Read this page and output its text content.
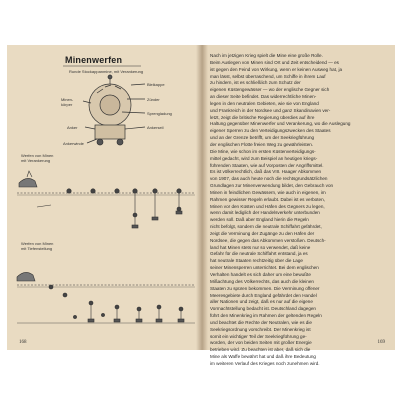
Minenwerfen
Runde Stockappanmine, mit Verankerung
Bleikappe
Zünder
Sprengladung
Ankerseil
Anker
Minen-körper
Ankerwinde
Werfen von Minen
mit Verankerung
Werfen von Minen
mit Tiefenstellung
168
Nach im jetzigen Krieg spielt die Mine eine große Rolle.
Beim Auslegen von Minen sind Ort und Zeit entscheidend — es
ist gegen den Feind von Wirkung, wenn er keinen Ausweg hat, ja
man lässt, selbst überraschend, um Schiffe in ihrem Lauf
zu hindern, ist es schließlich zum Schutz der
eigenen Küstengewässer — wo der englische Gegner sich
an dieser Seite befindet. Das widerrechtliche Minen-
legen in den neutralen Gebieten, wie sie von England
und Frankreich in der Nordsee und ganz Skandinavien ver-
letzt, zeigt die britische Regierung überdies auf ihre
Haltung gegenüber Minenwerfer und Verankerung, wo die Auslegung
eigener Sperren zu den Verteidigungszwecken des Staates
und an der Grenze betrifft, um der Seekriegführung
der englischen Flotte freien Weg zu gewährleisten.
Die Mine, wie schon im ersten Küstenverteidigungs-
mittel gedacht, wird zum Beispiel an heutigen kriegs-
führenden Staaten, wie auf Vorposten der Angriffsmittel.
Es ist völkerrechtlich, daß das VIII. Haager Abkommen
von 1907, das auch heute noch die rechtsgrundsätzlichen
Grundlagen zur Minenverwendung bildet, den Gebrauch von
Minen in feindlichen Gewässern, wie auch in eigenen, im
Rahmen gewisser Regeln erlaubt. Dabei ist es verboten,
Minen vor den Küsten und Häfen des Gegners zu legen,
wenn damit lediglich der Handelsverkehr unterbunden
werden soll. Daß aber England hierin die Regeln
nicht befolgt, sondern die neutrale Schiffahrt gefährdet,
zeigt die Verminung der Zugänge zu den Häfen der
Nordsee, die gegen das Abkommen verstoßen. Deutsch-
land hat Minen stets nur so verwendet, daß keine
Gefahr für die neutrale Schiffahrt entstand, ja es
hat neutrale Staaten rechtzeitig über die Lage
seiner Minensperren unterrichtet. Bei dem englischen
Verhalten handelt es sich daher um eine bewußte
Mißachtung des Völkerrechts, das auch die kleinen
Staaten zu spüren bekommen. Die Verminung offener
Meeresgebiete durch England gefährdet den Handel
aller Nationen und zeigt, daß es nur auf die eigene
Vormachtstellung bedacht ist. Deutschland dagegen
führt den Minenkrieg im Rahmen der geltenden Regeln
und beachtet die Rechte der Neutralen, wie es die
Seekriegsordnung vorschreibt. Der Minenkrieg ist
somit ein wichtiger Teil der Seekriegführung ge-
worden, der von beiden Seiten mit großer Energie
betrieben wird. Zu beachten ist aber, daß sich die
Mine als Waffe bewährt hat und daß ihre Bedeutung
im weiteren Verlauf des Krieges noch zunehmen wird.
169
